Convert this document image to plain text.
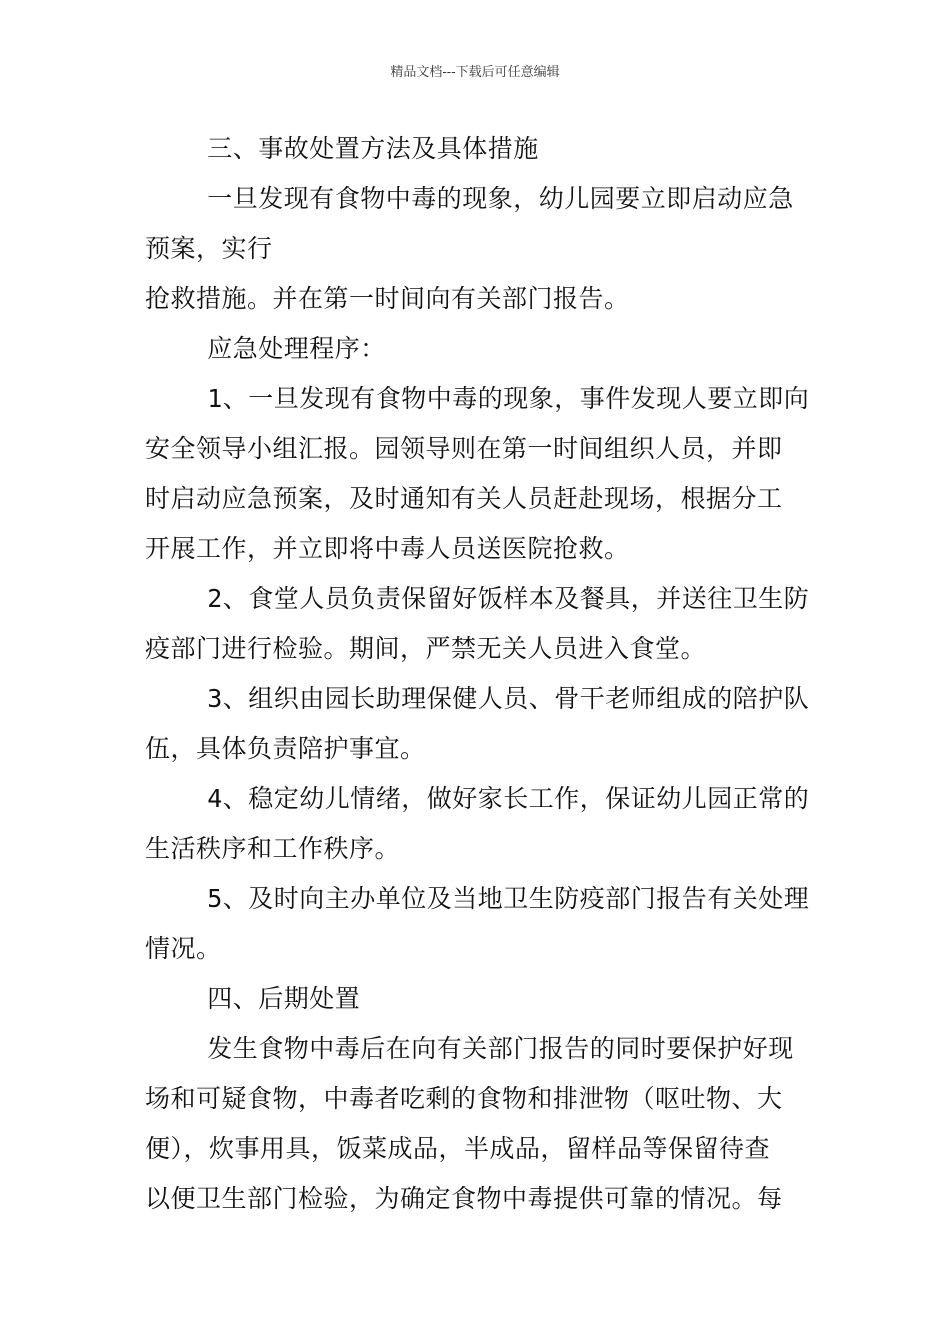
精品文档---下载后可任意编辑

三、事故处置方法及具体措施

一旦发现有食物中毒的现象，幼儿园要立即启动应急

预案，实行

抢救措施。并在第一时间向有关部门报告。

应急处理程序：

1、一旦发现有食物中毒的现象，事件发现人要立即向

安全领导小组汇报。园领导则在第一时间组织人员，并即

时启动应急预案，及时通知有关人员赶赴现场，根据分工

开展工作，并立即将中毒人员送医院抢救。

2、食堂人员负责保留好饭样本及餐具，并送往卫生防

疫部门进行检验。期间，严禁无关人员进入食堂。

3、组织由园长助理保健人员、骨干老师组成的陪护队

伍，具体负责陪护事宜。

4、稳定幼儿情绪，做好家长工作，保证幼儿园正常的

生活秩序和工作秩序。

5、及时向主办单位及当地卫生防疫部门报告有关处理

情况。

四、后期处置

发生食物中毒后在向有关部门报告的同时要保护好现

场和可疑食物，中毒者吃剩的食物和排泄物（呕吐物、大

便），炊事用具，饭菜成品，半成品，留样品等保留待查

以便卫生部门检验，为确定食物中毒提供可靠的情况。每
